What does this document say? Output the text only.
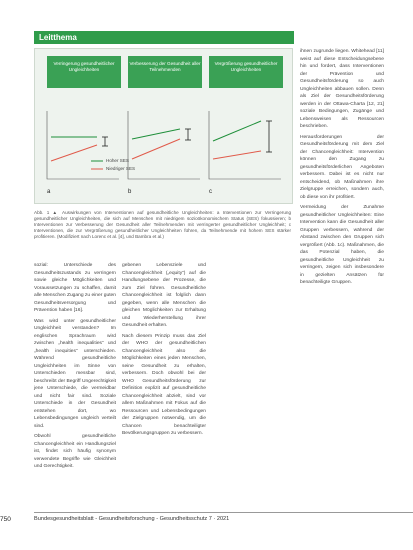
Leitthema
Verringerung gesundheitlicher Ungleichheiten
Verbesserung der Gesundheit aller Teilnehmenden
Vergrößerung gesundheitlicher Ungleichheiten
Hoher SES
Niedriger SES
a	b	c
Abb. 1 ▲ Auswirkungen von Interventionen auf gesundheitliche Ungleichheiten: a Interventionen zur Verringerung gesundheitlicher Ungleichheiten, die sich auf Menschen mit niedrigem sozioökonomischem Status (SES) fokussieren; b Interventionen zur Verbesserung der Gesundheit aller Teilnehmenden mit verringerter gesundheitlicher Ungleichheit; c Interventionen, die zur Vergrößerung gesundheitlicher Ungleichheiten führen, da Teilnehmende mit hohem SES stärker profitieren. (Modifiziert nach Lorenc et al. [4], und Bambra et al.)

sozial: Unterschiede des Gesundheitszustands zu verringern sowie gleiche Möglichkeiten und Voraussetzungen zu schaffen, damit alle Menschen Zugang zu einer guten Gesundheitsversorgung und Prävention haben [16].

Was wird unter gesundheitlicher Ungleichheit verstanden? Im englischen Sprachraum wird zwischen „health inequalities“ und „health inequities“ unterschieden. Während gesundheitliche Ungleichheiten im Sinne von Unterschieden messbar sind, beschreibt der Begriff Ungerechtigkeit jene Unterschiede, die vermeidbar und nicht fair sind. Soziale Unterschiede in der Gesundheit entstehen dort, wo Lebensbedingungen ungleich verteilt sind.

Obwohl gesundheitliche Chancengleichheit ein Handlungsziel ist, findet sich häufig synonym verwendete Begriffe wie Gleichheit und Gerechtigkeit.

gebenen Lebensziele und Chancengleichheit („equity“) auf die Handlungsebene der Prozesse, die zum Ziel führen. Gesundheitliche Chancengleichheit ist folglich dann gegeben, wenn alle Menschen die gleichen Möglichkeiten zur Erhaltung und Wiederherstellung ihrer Gesundheit erhalten.

Nach diesem Prinzip muss das Ziel der WHO der gesundheitlichen Chancengleichheit also die Möglichkeiten eines jeden Menschen, seine Gesundheit zu erhalten, verbessern. Doch obwohl bei der WHO Gesundheitsförderung zur Definition explizit auf gesundheitliche Chancengleichheit abzielt, sind vor allem Maßnahmen mit Fokus auf die Ressourcen und Lebensbedingungen der Zielgruppen notwendig, um die Chancen benachteiligter Bevölkerungsgruppen zu verbessern.

ihnen zugrunde liegen. Whitehead [11] weist auf diese Entscheidungsebene hin und fordert, dass Interventionen der Prävention und Gesundheitsförderung so auch Ungleichheiten abbauen sollen. Denn als Ziel der Gesundheitsförderung werden in der Ottawa-Charta [12, 21] soziale Bedingungen, Zugänge und Lebensweisen als Ressourcen beschrieben.

Herausforderungen der Gesundheitsförderung mit dem Ziel der Chancengleichheit: Intervention können den Zugang zu gesundheitsförderlichen Angeboten verbessern. Dabei ist es nicht nur entscheidend, ob Maßnahmen ihre Zielgruppe erreichen, sondern auch, ob diese von ihr profitiert.

Vermeidung der Zunahme gesundheitlicher Ungleichheiten: Eine Intervention kann die Gesundheit aller Gruppen verbessern, während der Abstand zwischen den Gruppen sich vergrößert (Abb. 1c). Maßnahmen, die das Potenzial haben, die gesundheitliche Ungleichheit zu verringern, zeigen sich insbesondere in gezielten Ansätzen für benachteiligte Gruppen.

750	Bundesgesundheitsblatt - Gesundheitsforschung - Gesundheitsschutz 7 · 2021
